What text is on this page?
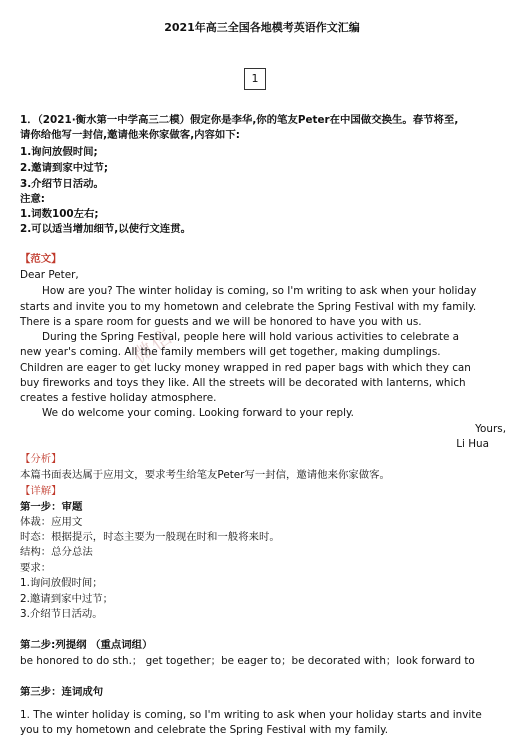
2021年高三全国各地模考英语作文汇编
1
微信
1．（2021·衡水第一中学高三二模）假定你是李华,你的笔友Peter在中国做交换生。春节将至,
请你给他写一封信,邀请他来你家做客,内容如下:
1.询问放假时间;
2.邀请到家中过节;
3.介绍节日活动。
注意:
1.词数100左右;
2.可以适当增加细节,以使行文连贯。
【范文】
Dear Peter,
How are you? The winter holiday is coming, so I'm writing to ask when your holiday
starts and invite you to my hometown and celebrate the Spring Festival with my family.
There is a spare room for guests and we will be honored to have you with us.
During the Spring Festival, people here will hold various activities to celebrate a
new year's coming. All the family members will get together, making dumplings.
Children are eager to get lucky money wrapped in red paper bags with which they can
buy fireworks and toys they like. All the streets will be decorated with lanterns, which
creates a festive holiday atmosphere.
We do welcome your coming. Looking forward to your reply.
Yours,
Li Hua
【分析】
本篇书面表达属于应用文，要求考生给笔友Peter写一封信，邀请他来你家做客。
【详解】
第一步：审题
体裁：应用文
时态：根据提示，时态主要为一般现在时和一般将来时。
结构：总分总法
要求：
1.询问放假时间；
2.邀请到家中过节；
3.介绍节日活动。
第二步:列提纲 （重点词组）
be honored to do sth.； get together；be eager to；be decorated with；look forward to
第三步：连词成句
1. The winter holiday is coming, so I'm writing to ask when your holiday starts and invite
you to my hometown and celebrate the Spring Festival with my family.
